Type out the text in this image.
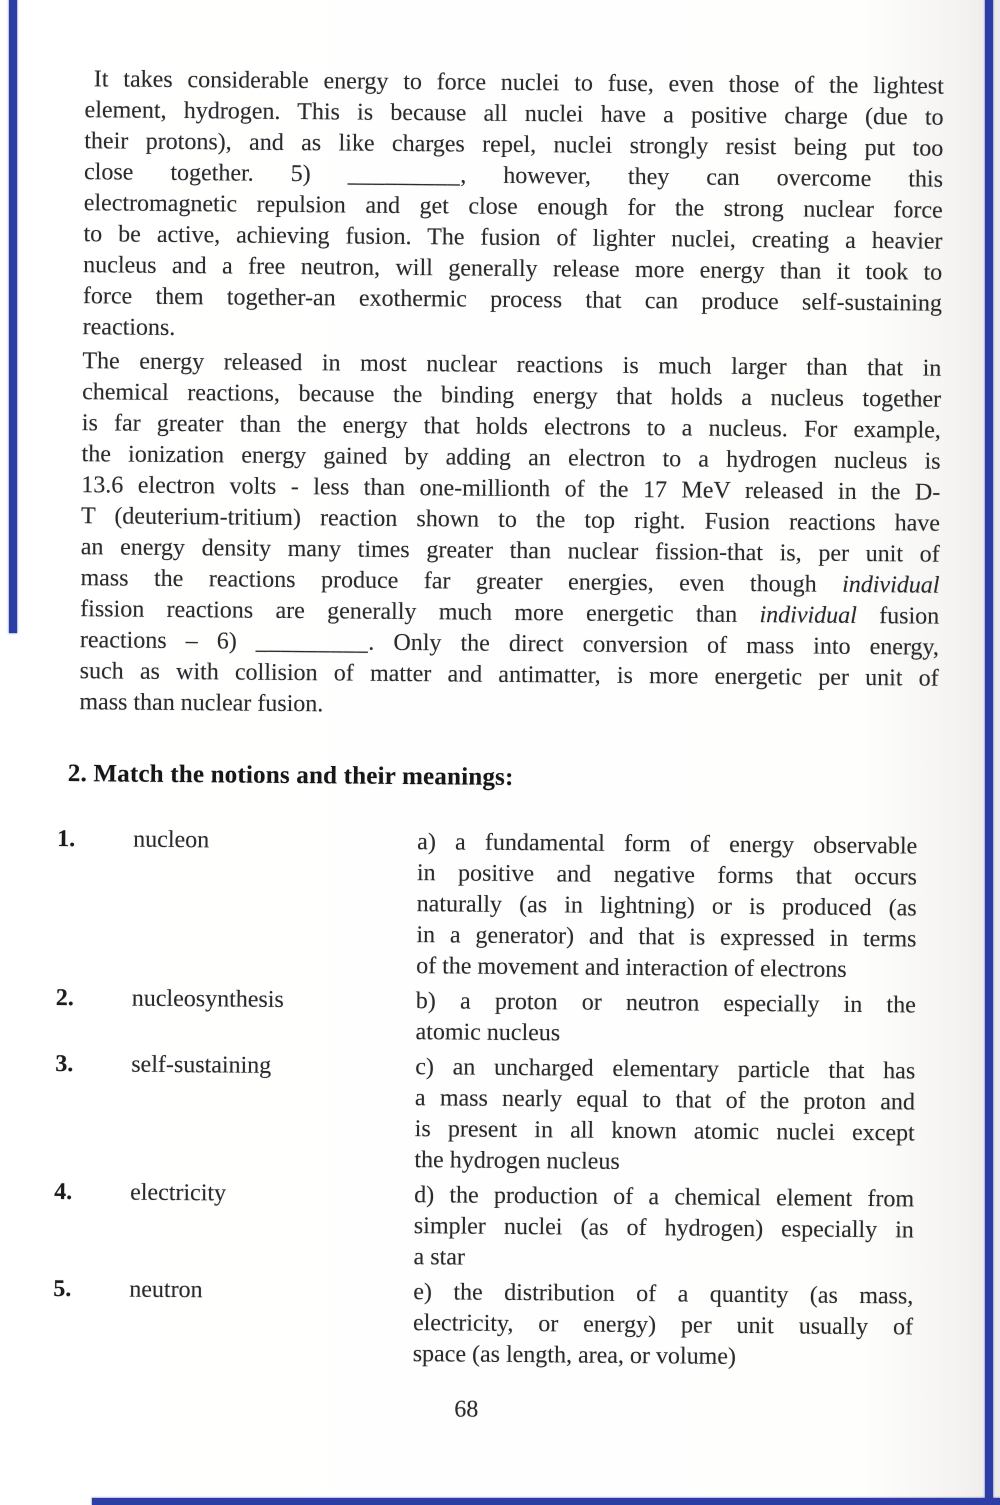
It takes considerable energy to force nuclei to fuse, even those of the lightest
element, hydrogen. This is because all nuclei have a positive charge (due to
their protons), and as like charges repel, nuclei strongly resist being put too
close together. 5) _________, however, they can overcome this
electromagnetic repulsion and get close enough for the strong nuclear force
to be active, achieving fusion. The fusion of lighter nuclei, creating a heavier
nucleus and a free neutron, will generally release more energy than it took to
force them together-an exothermic process that can produce self-sustaining
reactions.
The energy released in most nuclear reactions is much larger than that in
chemical reactions, because the binding energy that holds a nucleus together
is far greater than the energy that holds electrons to a nucleus. For example,
the ionization energy gained by adding an electron to a hydrogen nucleus is
13.6 electron volts - less than one-millionth of the 17 MeV released in the D-
T (deuterium-tritium) reaction shown to the top right. Fusion reactions have
an energy density many times greater than nuclear fission-that is, per unit of
mass the reactions produce far greater energies, even though individual
fission reactions are generally much more energetic than individual fusion
reactions – 6) _________. Only the direct conversion of mass into energy,
such as with collision of matter and antimatter, is more energetic per unit of
mass than nuclear fusion.
2. Match the notions and their meanings:
1.	nucleon	a) a fundamental form of energy observable
in positive and negative forms that occurs
naturally (as in lightning) or is produced (as
in a generator) and that is expressed in terms
of the movement and interaction of electrons
2.	nucleosynthesis	b) a proton or neutron especially in the
atomic nucleus
3.	self-sustaining	c) an uncharged elementary particle that has
a mass nearly equal to that of the proton and
is present in all known atomic nuclei except
the hydrogen nucleus
4.	electricity	d) the production of a chemical element from
simpler nuclei (as of hydrogen) especially in
a star
5.	neutron	e) the distribution of a quantity (as mass,
electricity, or energy) per unit usually of
space (as length, area, or volume)
68
